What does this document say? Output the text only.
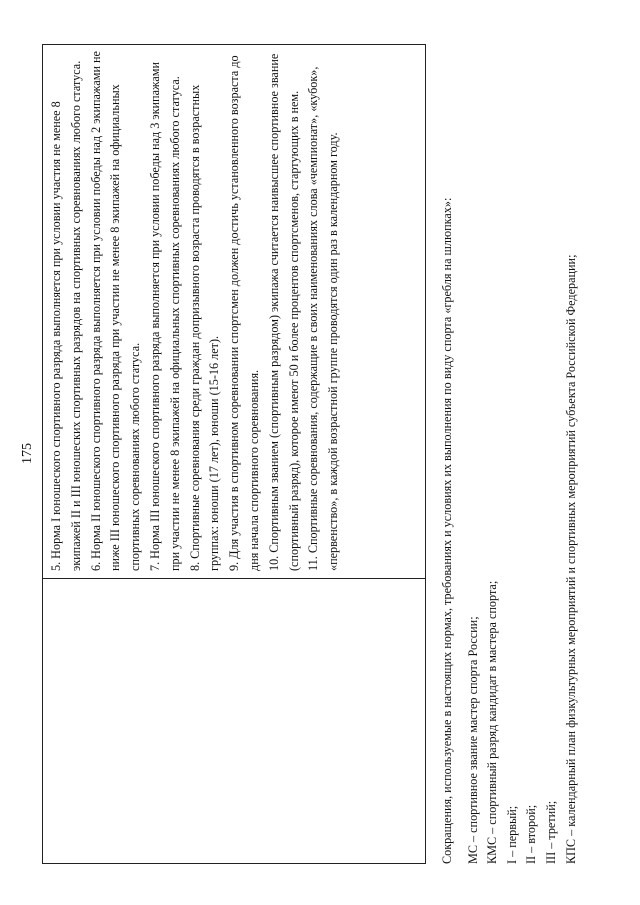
175 5. Норма I юношеского спортивного разряда выполняется при условии участия не менее 8 экипажей II и III юношеских спортивных разрядов на спортивных соревнованиях любого статуса. 6. Норма II юношеского спортивного разряда выполняется при условии победы над 2 экипажами не ниже III юношеского спортивного разряда при участии не менее 8 экипажей на официальных спортивных соревнованиях любого статуса. 7. Норма III юношеского спортивного разряда выполняется при условии победы над 3 экипажами при участии не менее 8 экипажей на официальных спортивных соревнованиях любого статуса. 8. Спортивные соревнования среди граждан допризывного возраста проводятся в возрастных группах: юноши (17 лет), юноши (15-16 лет). 9. Для участия в спортивном соревновании спортсмен должен достичь установленного возраста до дня начала спортивного соревнования. 10. Спортивным званием (спортивным разрядом) экипажа считается наивысшее спортивное звание (спортивный разряд), которое имеют 50 и более процентов спортсменов, стартующих в нем. 11. Спортивные соревнования, содержащие в своих наименованиях слова «чемпионат», «кубок», «первенство», в каждой возрастной группе проводятся один раз в календарном году.	Сокращения, используемые в настоящих нормах, требованиях и условиях их выполнения по виду спорта «гребля на шлюпках»: МС – спортивное звание мастер спорта России; КМС – спортивный разряд кандидат в мастера спорта; I – первый; II – второй; III – третий; КПС – календарный план физкультурных мероприятий и спортивных мероприятий субъекта Российской Федерации;
